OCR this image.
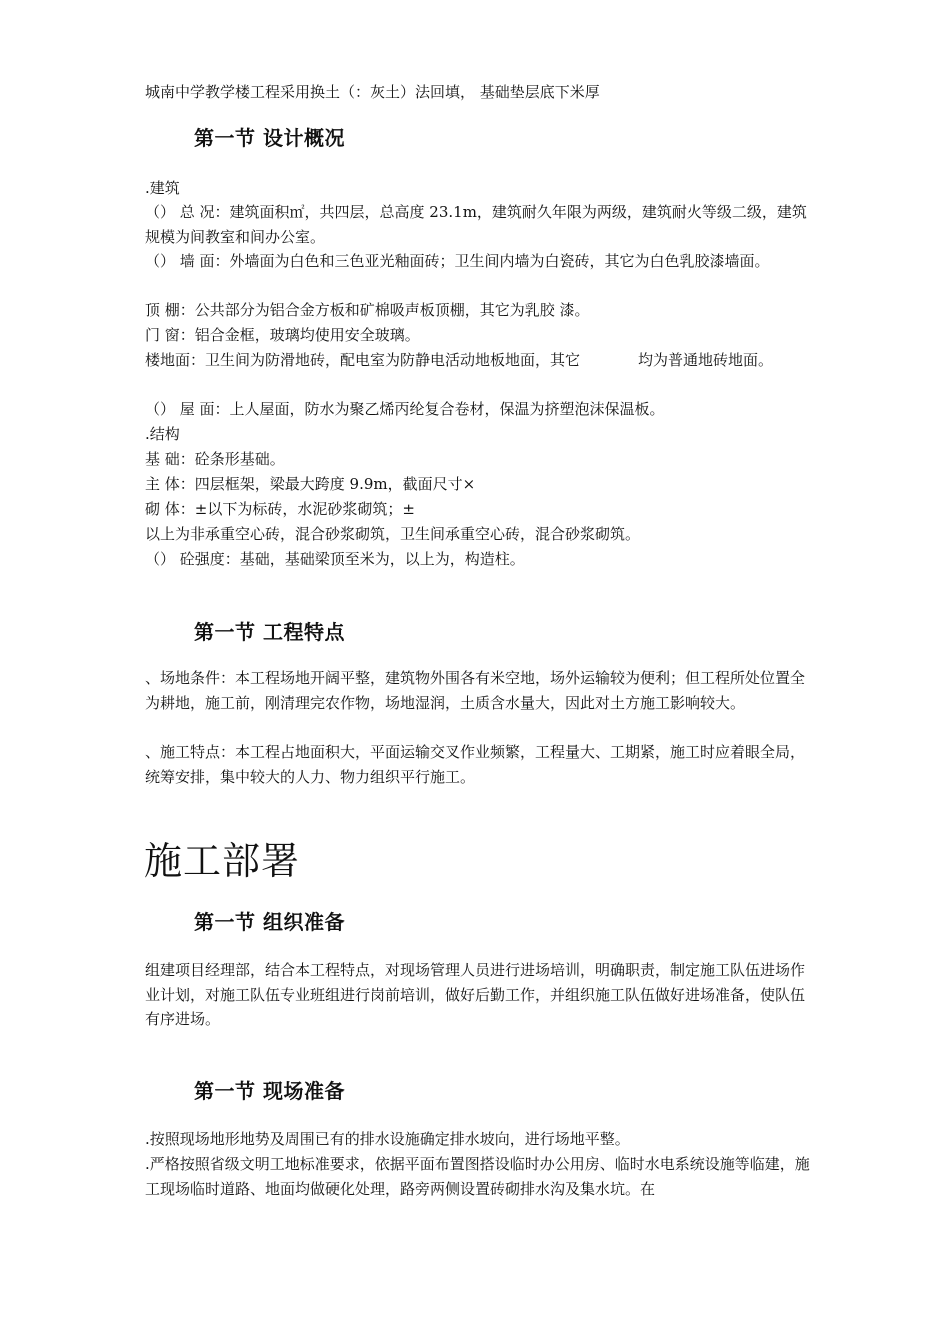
城南中学教学楼工程采用换土（：灰土）法回填， 基础垫层底下米厚

第一节 设计概况

.建筑

（） 总 况：建筑面积㎡，共四层，总高度 23.1m，建筑耐久年限为两级，建筑耐火等级二级，建筑规模为间教室和间办公室。

（） 墙 面：外墙面为白色和三色亚光釉面砖；卫生间内墙为白瓷砖，其它为白色乳胶漆墙面。

顶 棚：公共部分为铝合金方板和矿棉吸声板顶棚，其它为乳胶 漆。

门 窗：铝合金框，玻璃均使用安全玻璃。

楼地面：卫生间为防滑地砖，配电室为防静电活动地板地面，其它	均为普通地砖地面。

（） 屋 面：上人屋面，防水为聚乙烯丙纶复合卷材，保温为挤塑泡沫保温板。

.结构

基 础：砼条形基础。

主 体：四层框架，梁最大跨度 9.9m，截面尺寸×

砌 体：±以下为标砖，水泥砂浆砌筑；±

以上为非承重空心砖，混合砂浆砌筑，卫生间承重空心砖，混合砂浆砌筑。

（） 砼强度：基础，基础梁顶至米为，以上为，构造柱。

第一节 工程特点

、场地条件：本工程场地开阔平整，建筑物外围各有米空地，场外运输较为便利；但工程所处位置全为耕地，施工前，刚清理完农作物，场地湿润，土质含水量大，因此对土方施工影响较大。

、施工特点：本工程占地面积大，平面运输交叉作业频繁，工程量大、工期紧，施工时应着眼全局，统筹安排，集中较大的人力、物力组织平行施工。

施工部署
第一节 组织准备

组建项目经理部，结合本工程特点，对现场管理人员进行进场培训，明确职责，制定施工队伍进场作业计划，对施工队伍专业班组进行岗前培训，做好后勤工作，并组织施工队伍做好进场准备，使队伍有序进场。

第一节 现场准备

.按照现场地形地势及周围已有的排水设施确定排水坡向，进行场地平整。

.严格按照省级文明工地标准要求，依据平面布置图搭设临时办公用房、临时水电系统设施等临建，施工现场临时道路、地面均做硬化处理，路旁两侧设置砖砌排水沟及集水坑。在
